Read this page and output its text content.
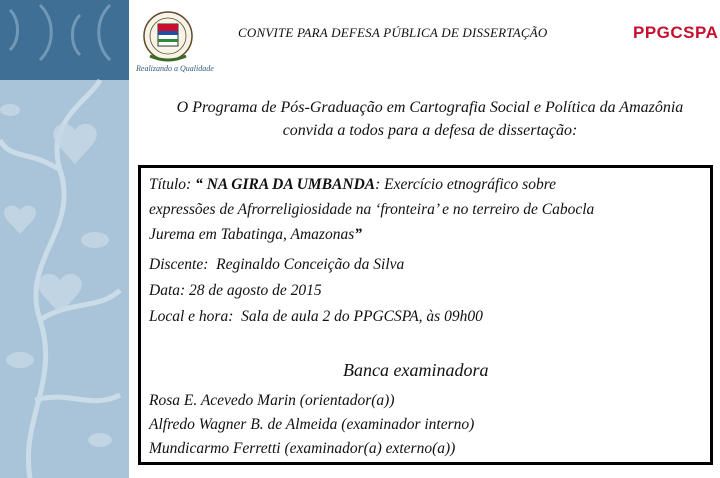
Realizando a Qualidade
CONVITE PARA DEFESA PÚBLICA DE DISSERTAÇÃO	PPGCSPA
O Programa de Pós-Graduação em Cartografia Social e Política da Amazônia convida a todos para a defesa de dissertação:
Título: “ NA GIRA DA UMBANDA: Exercício etnográfico sobre
expressões de Afrorreligiosidade na ‘fronteira’ e no terreiro de Cabocla
Jurema em Tabatinga, Amazonas”
Discente: Reginaldo Conceição da Silva
Data: 28 de agosto de 2015
Local e hora: Sala de aula 2 do PPGCSPA, às 09h00
Banca examinadora
Rosa E. Acevedo Marin (orientador(a))
Alfredo Wagner B. de Almeida (examinador interno)
Mundicarmo Ferretti (examinador(a) externo(a))
